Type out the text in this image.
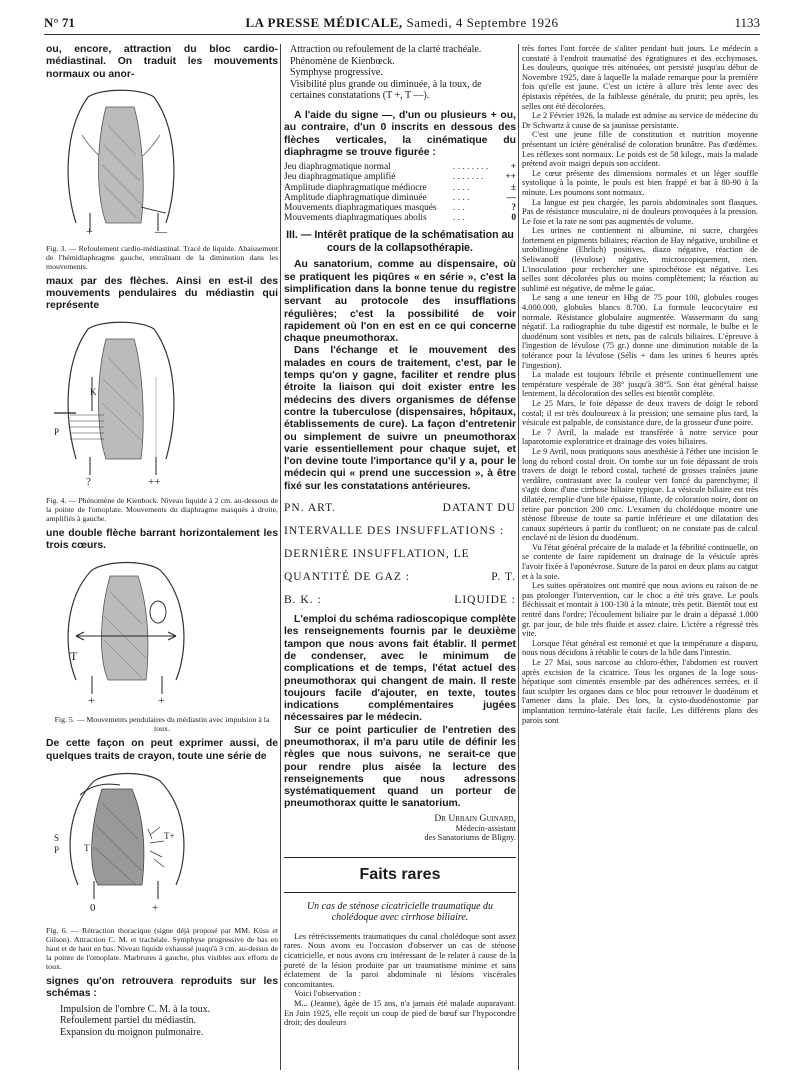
N° 71	LA PRESSE MÉDICALE, Samedi, 4 Septembre 1926	1133

ou, encore, attraction du bloc cardio-médiastinal. On traduit les mouvements normaux ou anor-

+	—

Fig. 3. — Refoulement cardio-médiastinal. Tracé de liquide. Abaissement de l'hémidiaphragme gauche, entraînant de la diminution dans les mouvements.

maux par des flèches. Ainsi en est-il des mouvements pendulaires du médiastin qui représente

P
K
?	++

Fig. 4. — Phénomène de Kienbock. Niveau liquide à 2 cm. au-dessous de la pointe de l'omoplate. Mouvements du diaphragme masqués à droite, amplifiés à gauche.

une double flèche barrant horizontalement les trois cœurs.

T
+	+

Fig. 5. — Mouvements pendulaires du médiastin avec impulsion à la toux.

De cette façon on peut exprimer aussi, de quelques traits de crayon, toute une série de

S
P
T+
T
0	+

Fig. 6. — Rétraction thoracique (signe déjà proposé par MM. Küss et Gilson). Attraction C. M. et trachéale. Symphyse progressive de bas en haut et de haut en bas. Niveau liquide exhaussé jusqu'à 3 cm. au-dessus de la pointe de l'omoplate. Marbrures à gauche, plus visibles aux efforts de toux.

signes qu'on retrouvera reproduits sur les schémas :

Impulsion de l'ombre C. M. à la toux.
Refoulement partiel du médiastin.
Expansion du moignon pulmonaire.
Attraction ou refoulement de la clarté trachéale.
Phénomène de Kienbœck.
Symphyse progressive.
Visibilité plus grande ou diminuée, à la toux, de certaines constatations (T +, T —).

A l'aide du signe —, d'un ou plusieurs + ou, au contraire, d'un 0 inscrits en dessous des flèches verticales, la cinématique du diaphragme se trouve figurée :

Jeu diaphragmatique normal	. . . . . . . .	+
Jeu diaphragmatique amplifié	. . . . . . .	++
Amplitude diaphragmatique médiocre	. . . .	±
Amplitude diaphragmatique diminuée	. . . .	—
Mouvements diaphragmatiques masqués	. . .	?
Mouvements diaphragmatiques abolis	. . .	0
III. — Intérêt pratique de la schématisation au cours de la collapsothérapie.

Au sanatorium, comme au dispensaire, où se pratiquent les piqûres « en série », c'est la simplification dans la bonne tenue du registre servant au protocole des insufflations régulières; c'est la possibilité de voir rapidement où l'on en est en ce qui concerne chaque pneumothorax.

Dans l'échange et le mouvement des malades en cours de traitement, c'est, par le temps qu'on y gagne, faciliter et rendre plus étroite la liaison qui doit exister entre les médecins des divers organismes de défense contre la tuberculose (dispensaires, hôpitaux, établissements de cure). La façon d'entretenir ou simplement de suivre un pneumothorax varie essentiellement pour chaque sujet, et l'on devine toute l'importance qu'il y a, pour le médecin qui « prend une succession », à être fixé sur les constatations antérieures.

PN. ART.	DATANT DU
INTERVALLE DES INSUFFLATIONS :
DERNIÈRE INSUFFLATION, LE
QUANTITÉ DE GAZ :	P. T.
B. K. :	LIQUIDE :

L'emploi du schéma radioscopique complète les renseignements fournis par le deuxième tampon que nous avons fait établir. Il permet de condenser, avec le minimum de complications et de temps, l'état actuel des pneumothorax qui changent de main. Il reste toujours facile d'ajouter, en texte, toutes indications complémentaires jugées nécessaires par le médecin.

Sur ce point particulier de l'entretien des pneumothorax, il m'a paru utile de définir les règles que nous suivons, ne serait-ce que pour rendre plus aisée la lecture des renseignements que nous adressons systématiquement quand un porteur de pneumothorax quitte le sanatorium.

Dr Urbain Guinard,
Médecin-assistant
des Sanatoriums de Bligny.
Faits rares
Un cas de sténose cicatricielle traumatique du cholédoque avec cirrhose biliaire.

Les rétrécissements traumatiques du canal cholédoque sont assez rares. Nous avons eu l'occasion d'observer un cas de sténose cicatricielle, et nous avons cru intéressant de le relater à cause de la pureté de la lésion produite par un traumatisme minime et sans éclatement de la paroi abdominale ni lésions viscérales concomitantes.

Voici l'observation :

M... (Jeanne), âgée de 15 ans, n'a jamais été malade auparavant. En Juin 1925, elle reçoit un coup de pied de bœuf sur l'hypocondre droit; des douleurs

très fortes l'ont forcée de s'aliter pendant huit jours. Le médecin a constaté à l'endroit traumatisé des égratignures et des ecchymoses. Les douleurs, quoique très atténuées, ont persisté jusqu'au début de Novembre 1925, date à laquelle la malade remarque pour la première fois qu'elle est jaune. C'est un ictère à allure très lente avec des épistaxis répétées, de la faiblesse générale, du prurit; peu après, les selles ont été décolorées.

Le 2 Février 1926, la malade est admise au service de médecine du Dr Schwartz à cause de sa jaunisse persistante.

C'est une jeune fille de constitution et nutrition moyenne présentant un ictère généralisé de coloration brunâtre. Pas d'œdèmes. Les réflexes sont normaux. Le poids est de 58 kilogr., mais la malade prétend avoir maigri depuis son accident.

Le cœur présente des dimensions normales et un léger souffle systolique à la pointe, le pouls est bien frappé et bat à 80-90 à la minute. Les poumons sont normaux.

La langue est peu chargée, les parois abdominales sont flasques. Pas de résistance musculaire, ni de douleurs provoquées à la pression. Le foie et la rate ne sont pas augmentés de volume.

Les urines ne contiennent ni albumine, ni sucre, chargées fortement en pigments biliaires; réaction de Hay négative, urobiline et urobilinogène (Ehrlich) positives, diazo négative, réaction de Seliwanoff (lévulose) négative, microscopiquement, rien. L'inoculation pour rechercher une spirochétose est négative. Les selles sont décolorées plus ou moins complètement; la réaction au sublimé est négative, de même le gaïac.

Le sang a une teneur en Hbg de 75 pour 100, globules rouges 4.000.000, globules blancs 8.700. La formule leucocytaire est normale. Résistance globulaire augmentée. Wassermann du sang négatif. La radiographie du tube digestif est normale, le bulbe et le duodénum sont visibles et nets, pas de calculs biliaires. L'épreuve à l'ingestion de lévulose (75 gr.) donne une diminution notable de la tolérance pour la lévulose (Sélis + dans les urines 6 heures après l'ingestion).

La malade est toujours fébrile et présente continuellement une température vespérale de 38° jusqu'à 38°5. Son état général baisse lentement, la décoloration des selles est bientôt complète.

Le 25 Mars, le foie dépasse de deux travers de doigt le rebord costal; il est très douloureux à la pression; une semaine plus tard, la vésicule est palpable, de consistance dure, de la grosseur d'une poire.

Le 7 Avril, la malade est transférée à notre service pour laparotomie exploratrice et drainage des voies biliaires.

Le 9 Avril, nous pratiquons sous anesthésie à l'éther une incision le long du rebord costal droit. On tombe sur un foie dépassant de trois travers de doigt le rebord costal, tacheté de grosses traînées jaune verdâtre, contrastant avec la couleur vert foncé du parenchyme; il s'agit donc d'une cirrhose biliaire typique. La vésicule biliaire est très dilatée, remplie d'une bile épaisse, filante, de coloration noire, dont on retire par ponction 200 cmc. L'examen du cholédoque montre une sténose fibreuse de toute sa partie inférieure et une dilatation des canaux supérieurs à partir du confluent; on ne constate pas de calcul enclavé ni de lésion du duodénum.

Vu l'état général précaire de la malade et la fébrilité continuelle, on se contente de faire rapidement un drainage de la vésicule après l'avoir fixée à l'aponévrose. Suture de la paroi en deux plans au catgut et à la soie.

Les suites opératoires ont montré que nous avions eu raison de ne pas prolonger l'intervention, car le choc a été très grave. Le pouls fléchissait et montait à 100-130 à la minute, très petit. Bientôt tout est rentré dans l'ordre; l'écoulement biliaire par le drain a dépassé 1.000 gr. par jour, de bile très fluide et assez claire. L'ictère a régressé très vite.

Lorsque l'état général est remonté et que la température a disparu, nous nous décidons à rétablir le cours de la bile dans l'intestin.

Le 27 Mai, sous narcose au chloro-éther, l'abdomen est rouvert après excision de la cicatrice. Tous les organes de la loge sous-hépatique sont cimentés ensemble par des adhérences serrées, et il faut sculpter les organes dans ce bloc pour retrouver le duodénum et l'amener dans la plaie. Des lors, la cysto-duodénostomie par implantation termino-latérale était facile. Les différents plans des parois sont
